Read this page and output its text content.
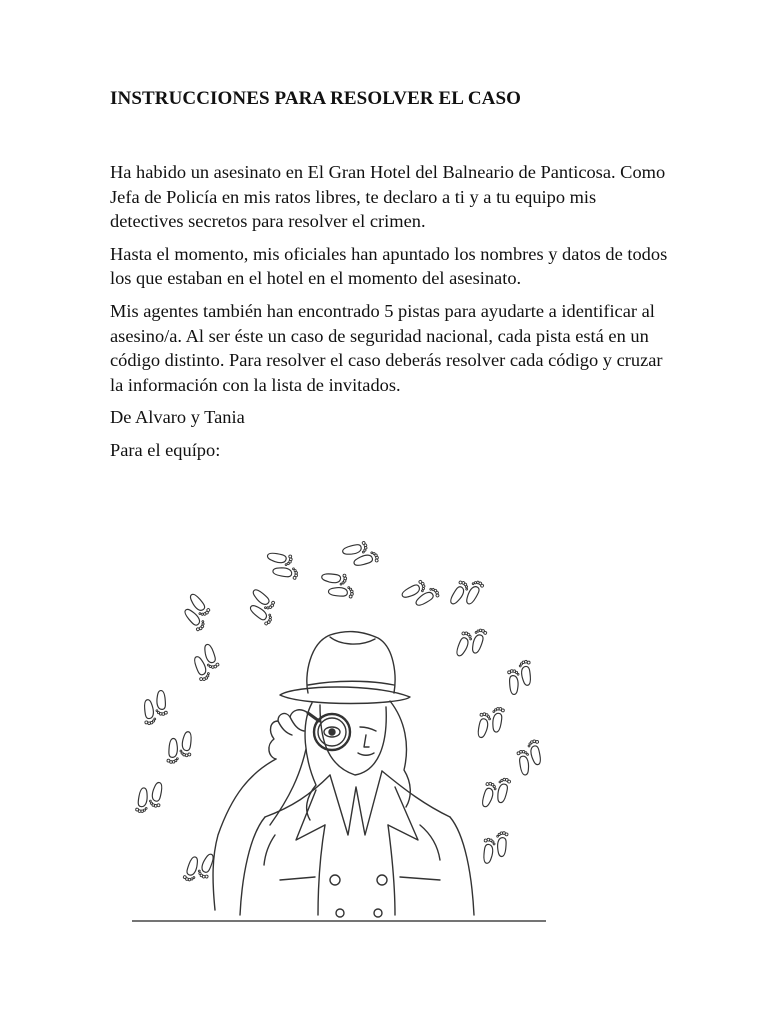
INSTRUCCIONES PARA RESOLVER EL CASO

Ha habido un asesinato en El Gran Hotel del Balneario de Panticosa. Como Jefa de Policía en mis ratos libres, te declaro a ti y a tu equipo mis detectives secretos para resolver el crimen.

Hasta el momento, mis oficiales han apuntado los nombres y datos de todos los que estaban en el hotel en el momento del asesinato.

Mis agentes también han encontrado 5 pistas para ayudarte a identificar al asesino/a. Al ser éste un caso de seguridad nacional, cada pista está en un código distinto. Para resolver el caso deberás resolver cada código y cruzar la información con la lista de invitados.

De Alvaro y Tania

Para el equípo:
